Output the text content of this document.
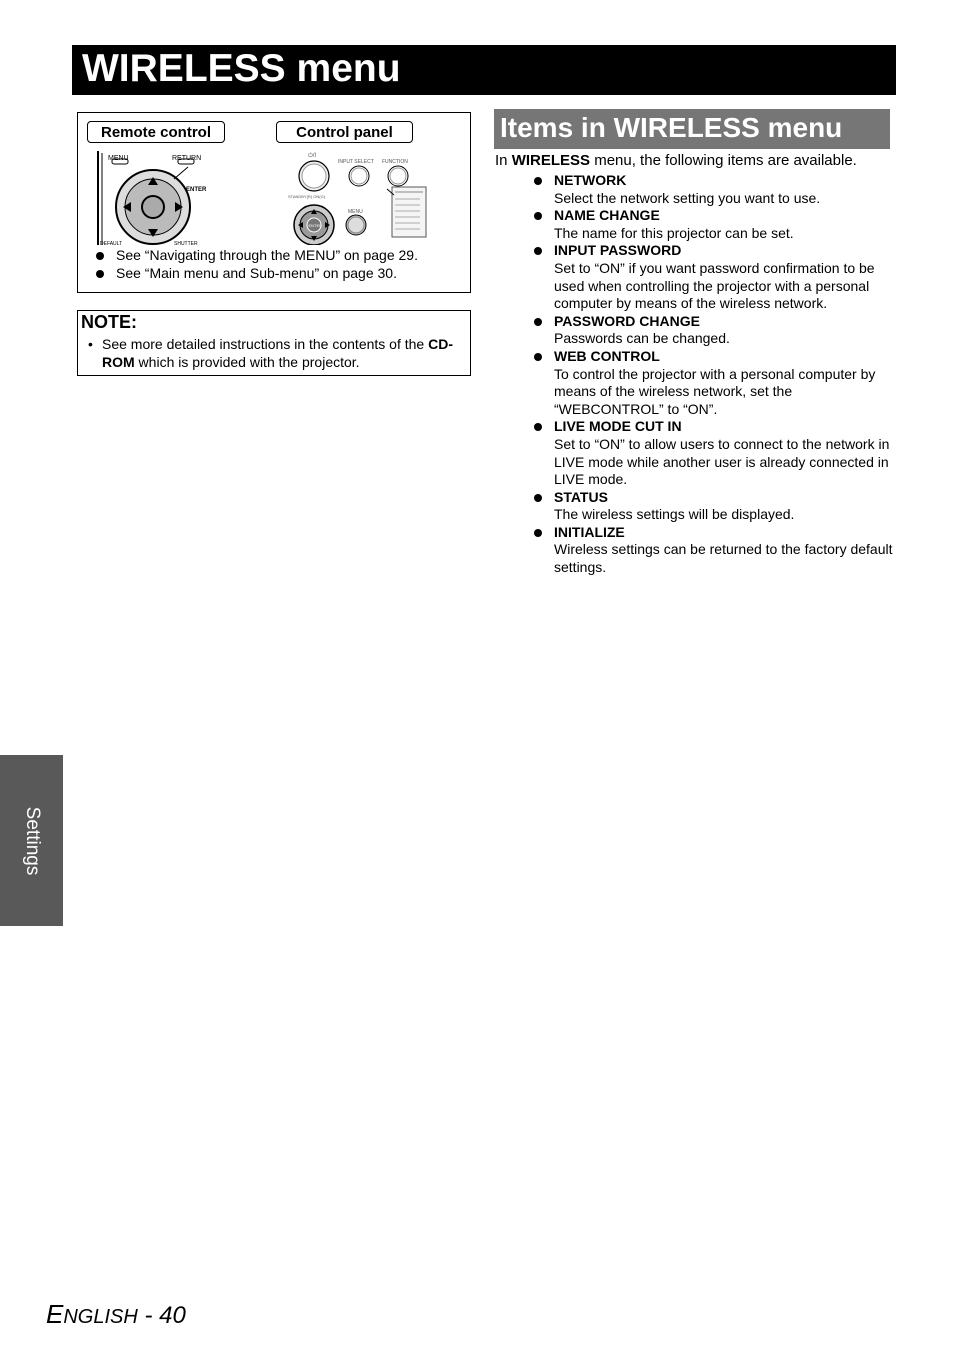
WIRELESS menu
Remote control	Control panel
MENU	RETURN
ENTER
DEFAULT	SHUTTER
⏻/I
INPUT SELECT FUNCTION
STANDBY(R) ON(G)
ENTER
MENU
See “Navigating through the MENU” on page 29.
See “Main menu and Sub-menu” on page 30.
NOTE:
• See more detailed instructions in the contents of the CD-ROM which is provided with the projector.
Items in WIRELESS menu
In WIRELESS menu, the following items are available.
NETWORK
Select the network setting you want to use.
NAME CHANGE
The name for this projector can be set.
INPUT PASSWORD
Set to “ON” if you want password confirmation to be used when controlling the projector with a personal computer by means of the wireless network.
PASSWORD CHANGE
Passwords can be changed.
WEB CONTROL
To control the projector with a personal computer by means of the wireless network, set the “WEBCONTROL” to “ON”.
LIVE MODE CUT IN
Set to “ON” to allow users to connect to the network in LIVE mode while another user is already connected in LIVE mode.
STATUS
The wireless settings will be displayed.
INITIALIZE
Wireless settings can be returned to the factory default settings.
Settings
ENGLISH - 40
